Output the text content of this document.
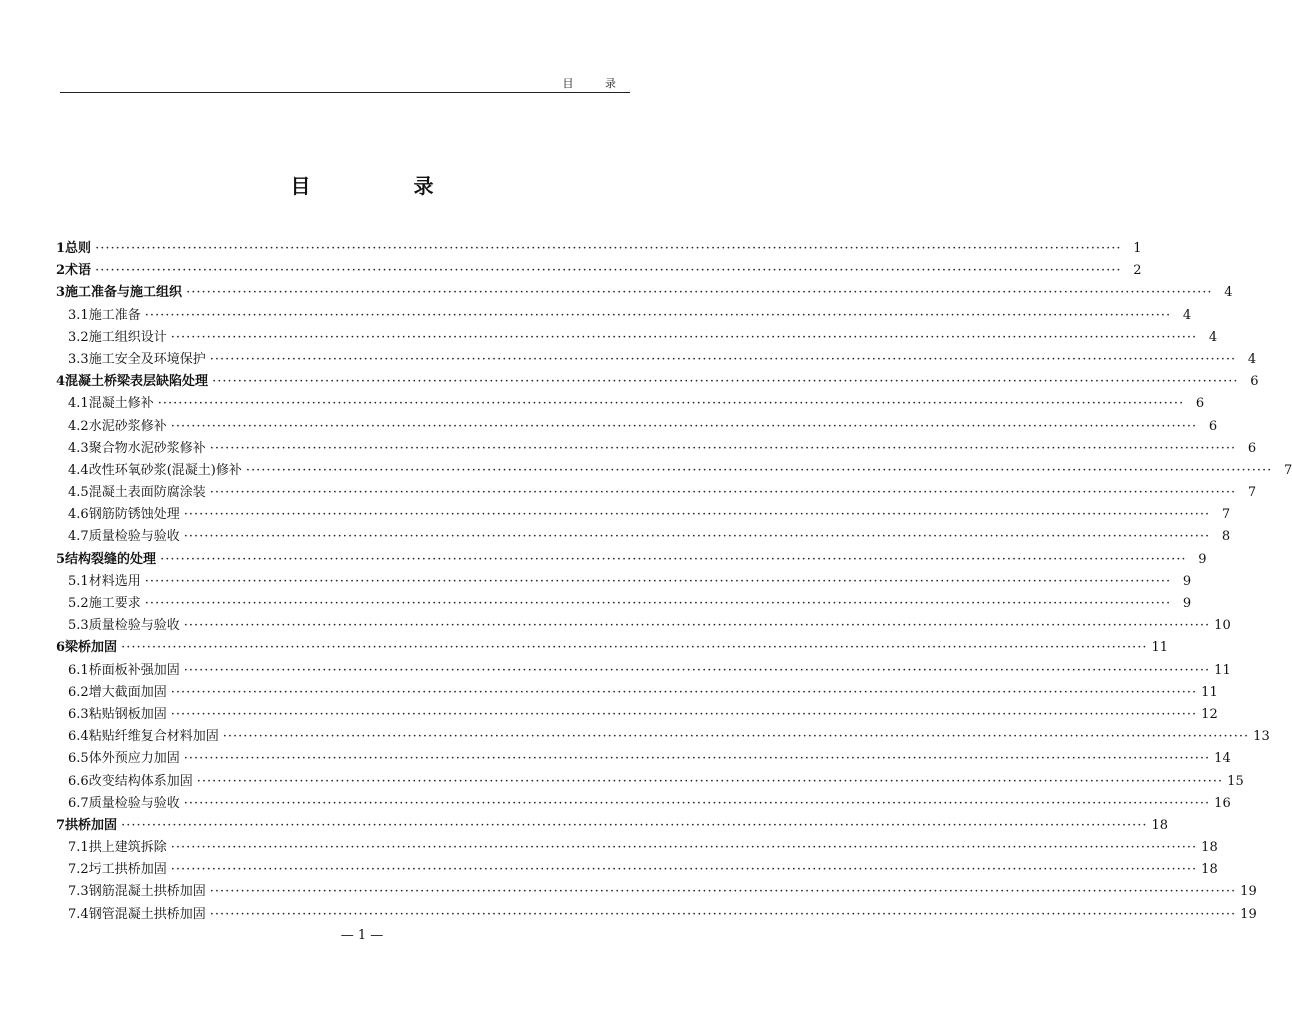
目 录
目 录
1 总则 ········································································································································································································ 1
2 术语 ········································································································································································································ 2
3 施工准备与施工组织 ········································································································································································································ 4
3.1 施工准备 ········································································································································································································ 4
3.2 施工组织设计 ········································································································································································································ 4
3.3 施工安全及环境保护 ········································································································································································································ 4
4 混凝土桥梁表层缺陷处理 ········································································································································································································ 6
4.1 混凝土修补 ········································································································································································································ 6
4.2 水泥砂浆修补 ········································································································································································································ 6
4.3 聚合物水泥砂浆修补 ········································································································································································································ 6
4.4 改性环氧砂浆(混凝土)修补 ········································································································································································································ 7
4.5 混凝土表面防腐涂装 ········································································································································································································ 7
4.6 钢筋防锈蚀处理 ········································································································································································································ 7
4.7 质量检验与验收 ········································································································································································································ 8
5 结构裂缝的处理 ········································································································································································································ 9
5.1 材料选用 ········································································································································································································ 9
5.2 施工要求 ········································································································································································································ 9
5.3 质量检验与验收 ········································································································································································································ 10
6 梁桥加固 ········································································································································································································ 11
6.1 桥面板补强加固 ········································································································································································································ 11
6.2 增大截面加固 ········································································································································································································ 11
6.3 粘贴钢板加固 ········································································································································································································ 12
6.4 粘贴纤维复合材料加固 ········································································································································································································ 13
6.5 体外预应力加固 ········································································································································································································ 14
6.6 改变结构体系加固 ········································································································································································································ 15
6.7 质量检验与验收 ········································································································································································································ 16
7 拱桥加固 ········································································································································································································ 18
7.1 拱上建筑拆除 ········································································································································································································ 18
7.2 圬工拱桥加固 ········································································································································································································ 18
7.3 钢筋混凝土拱桥加固 ········································································································································································································ 19
7.4 钢管混凝土拱桥加固 ········································································································································································································ 19
— 1 —
